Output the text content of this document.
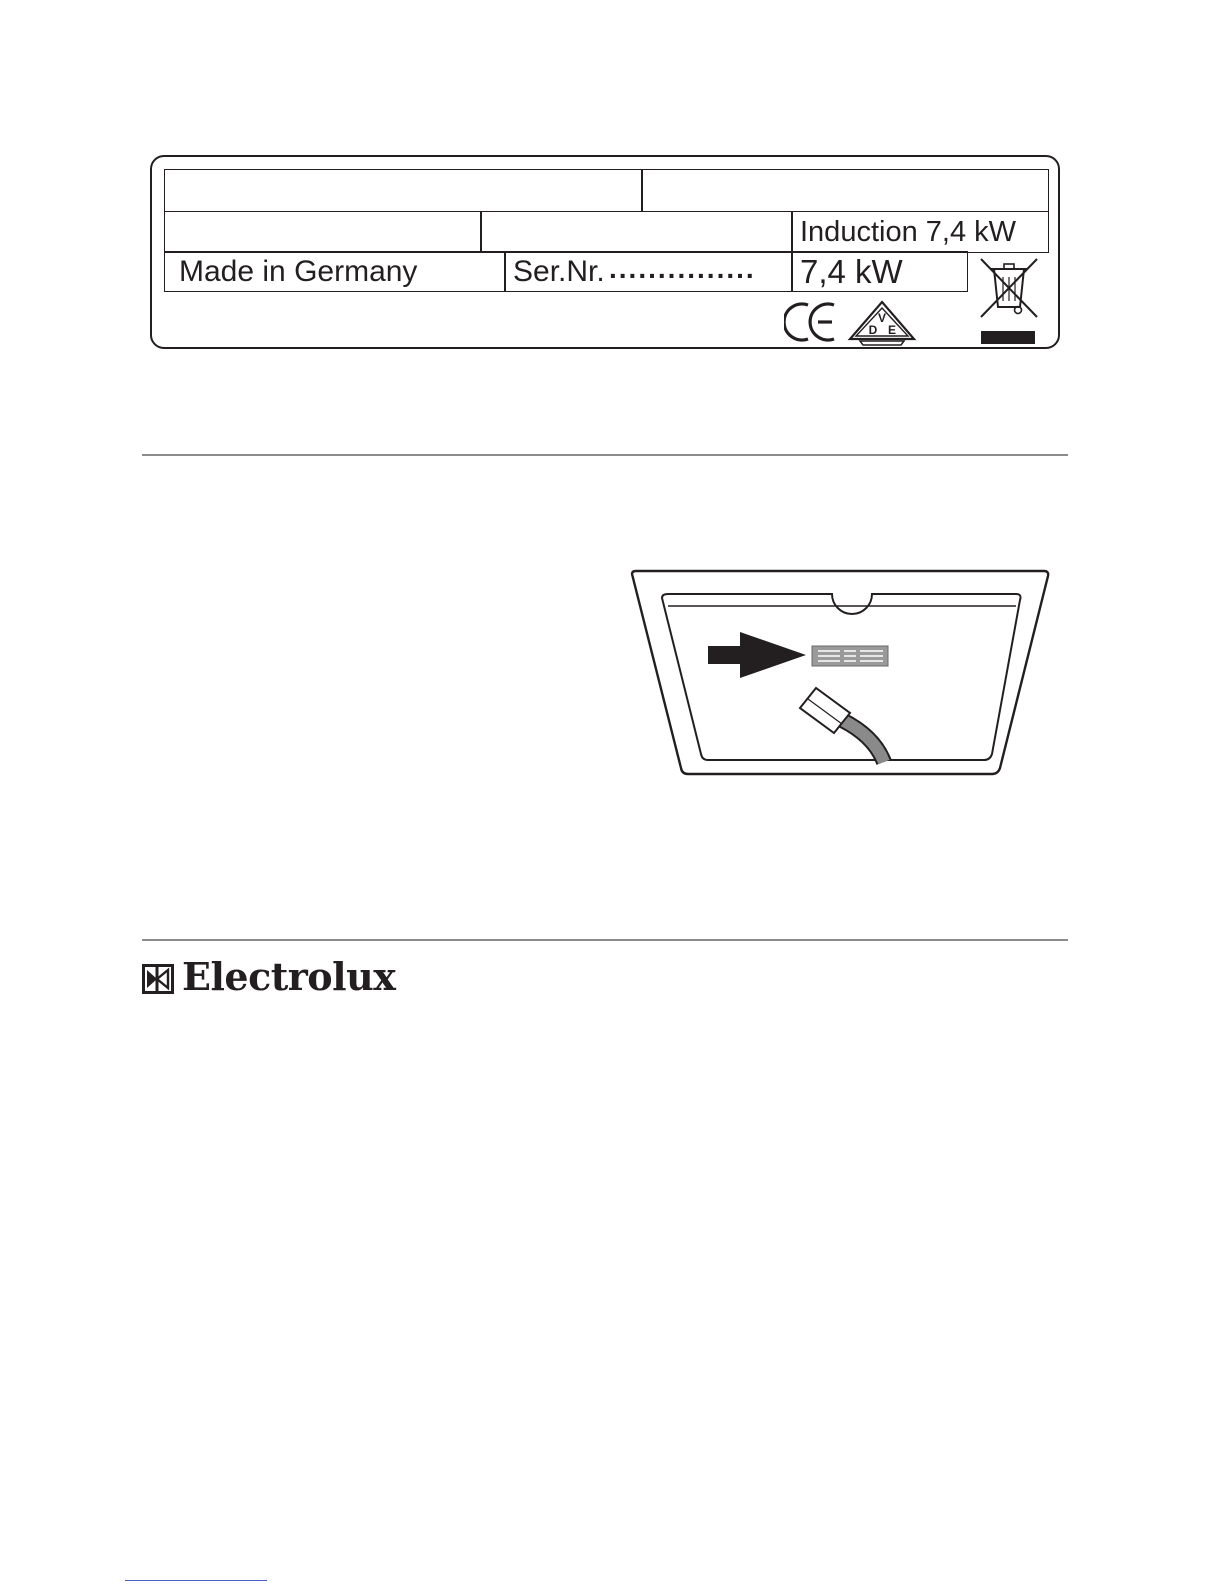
Induction 7,4 kW
Made in Germany	Ser.Nr. ............... 7,4 kW
V
D E
Electrolux
